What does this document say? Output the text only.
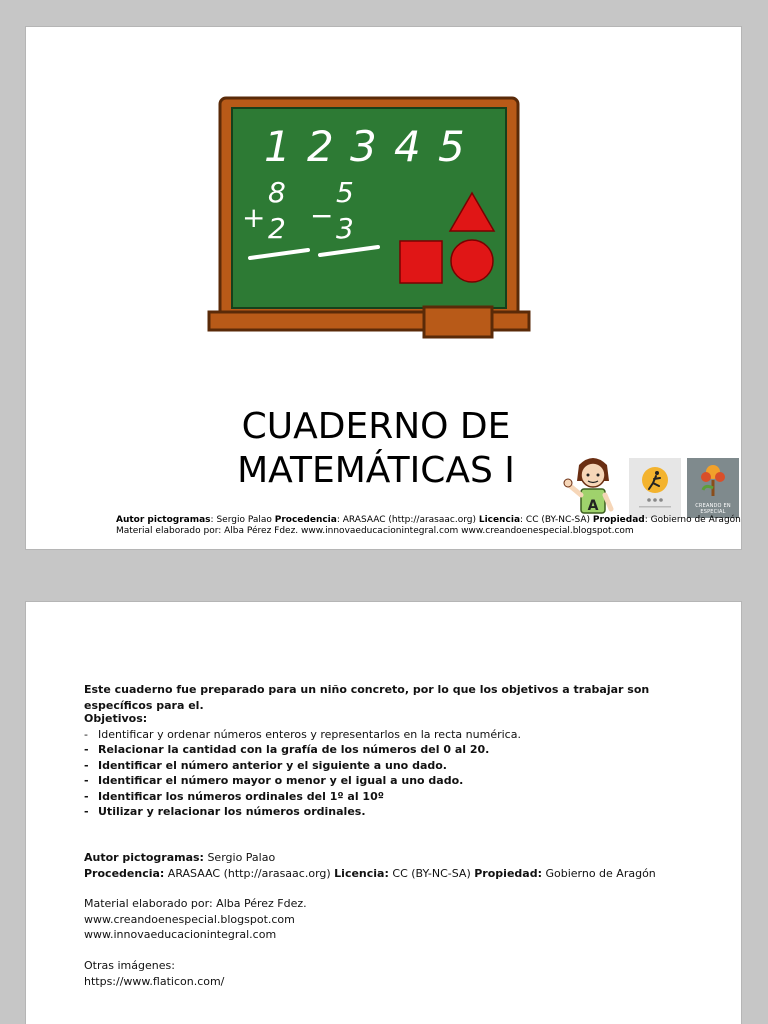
1 2 3 4 5
8
+ 2
5
− 3
CUADERNO DE
MATEMÁTICAS I
A	CREANDO EN ESPECIAL
Autor pictogramas: Sergio Palao Procedencia: ARASAAC (http://arasaac.org) Licencia: CC (BY-NC-SA) Propiedad: Gobierno de Aragón
Material elaborado por: Alba Pérez Fdez. www.innovaeducacionintegral.com www.creandoenespecial.blogspot.com
Este cuaderno fue preparado para un niño concreto, por lo que los objetivos a trabajar son específicos para el.
Objetivos:
- Identificar y ordenar números enteros y representarlos en la recta numérica.
- Relacionar la cantidad con la grafía de los números del 0 al 20.
- Identificar el número anterior y el siguiente a uno dado.
- Identificar el número mayor o menor y el igual a uno dado.
- Identificar los números ordinales del 1º al 10º
- Utilizar y relacionar los números ordinales.
Autor pictogramas: Sergio Palao
Procedencia: ARASAAC (http://arasaac.org) Licencia: CC (BY-NC-SA) Propiedad: Gobierno de Aragón
Material elaborado por: Alba Pérez Fdez.
www.creandoenespecial.blogspot.com
www.innovaeducacionintegral.com
Otras imágenes:
https://www.flaticon.com/
